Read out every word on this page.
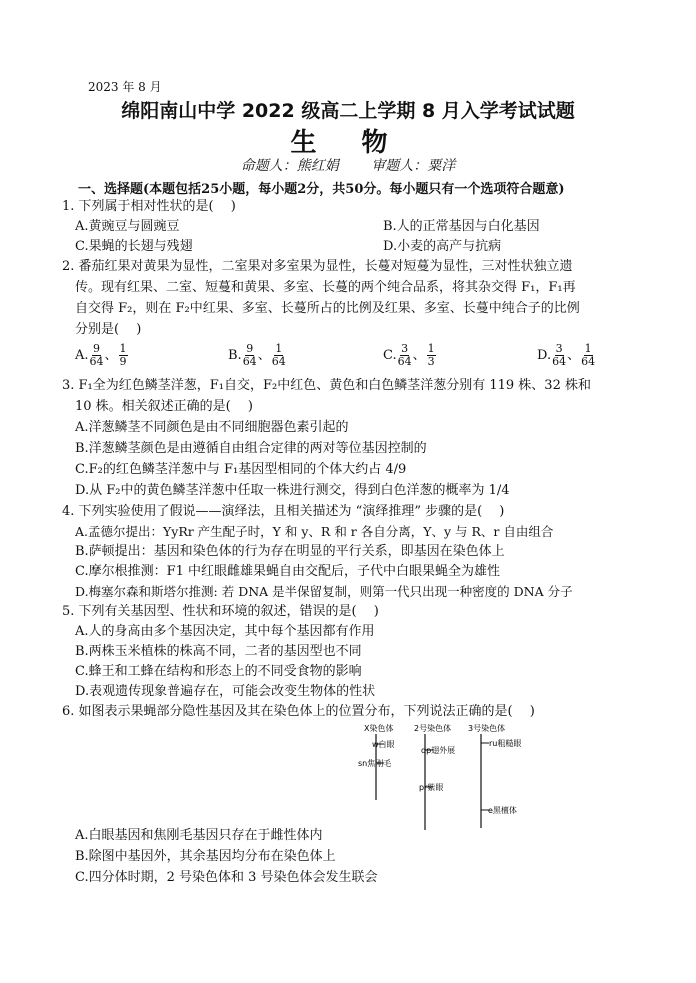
2023 年 8 月
绵阳南山中学 2022 级高二上学期 8 月入学考试试题
生 物
命题人：熊红娟 审题人：粟洋
一、选择题(本题包括25小题，每小题2分，共50分。每小题只有一个选项符合题意)
1. 下列属于相对性状的是(　 )
A.黄豌豆与圆豌豆	B.人的正常基因与白化基因
C.果蝇的长翅与残翅	D.小麦的高产与抗病
2. 番茄红果对黄果为显性，二室果对多室果为显性，长蔓对短蔓为显性，三对性状独立遗
传。现有红果、二室、短蔓和黄果、多室、长蔓的两个纯合品系，将其杂交得 F₁，F₁再
自交得 F₂，则在 F₂中红果、多室、长蔓所占的比例及红果、多室、长蔓中纯合子的比例
分别是(　 )
A. $\frac{9}{64}$ 、 $\frac{1}{9}$	B. $\frac{9}{64}$ 、 $\frac{1}{64}$	C. $\frac{3}{64}$ 、 $\frac{1}{3}$	D. $\frac{3}{64}$ 、 $\frac{1}{64}$
3. F₁全为红色鳞茎洋葱，F₁自交，F₂中红色、黄色和白色鳞茎洋葱分别有 119 株、32 株和
10 株。相关叙述正确的是(　 )
A.洋葱鳞茎不同颜色是由不同细胞器色素引起的
B.洋葱鳞茎颜色是由遵循自由组合定律的两对等位基因控制的
C.F₂的红色鳞茎洋葱中与 F₁基因型相同的个体大约占 4/9
D.从 F₂中的黄色鳞茎洋葱中任取一株进行测交，得到白色洋葱的概率为 1/4
4. 下列实验使用了假说——演绎法，且相关描述为 “演绎推理” 步骤的是(　 )
A.孟德尔提出：YyRr 产生配子时，Y 和 y、R 和 r 各自分离，Y、y 与 R、r 自由组合
B.萨顿提出：基因和染色体的行为存在明显的平行关系，即基因在染色体上
C.摩尔根推测：F1 中红眼雌雄果蝇自由交配后，子代中白眼果蝇全为雄性
D.梅塞尔森和斯塔尔推测: 若 DNA 是半保留复制，则第一代只出现一种密度的 DNA 分子
5. 下列有关基因型、性状和环境的叙述，错误的是(　 )
A.人的身高由多个基因决定，其中每个基因都有作用
B.两株玉米植株的株高不同，二者的基因型也不同
C.蜂王和工蜂在结构和形态上的不同受食物的影响
D.表观遗传现象普遍存在，可能会改变生物体的性状
6. 如图表示果蝇部分隐性基因及其在染色体上的位置分布，下列说法正确的是(　 )
X染色体	2号染色体 3号染色体
w白眼
sn焦刚毛
dp翅外展
pr紫眼
ru粗糙眼
e黑檀体
A.白眼基因和焦刚毛基因只存在于雌性体内
B.除图中基因外，其余基因均分布在染色体上
C.四分体时期，2 号染色体和 3 号染色体会发生联会
